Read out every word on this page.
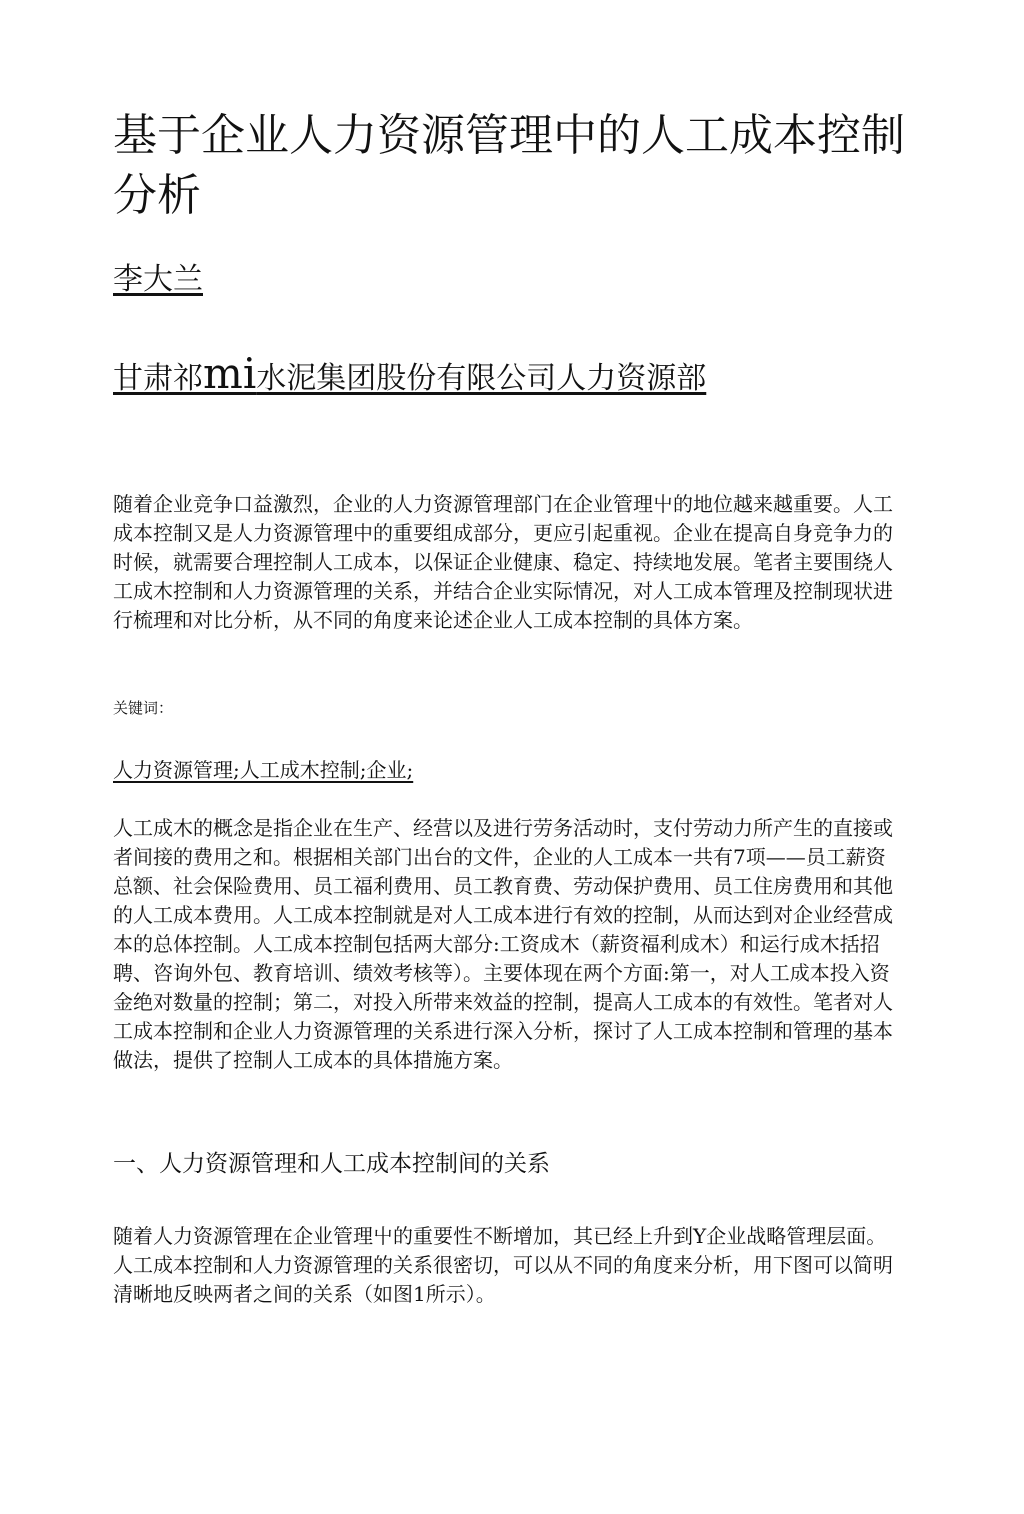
基于企业人力资源管理中的人工成本控制分析

李大兰

甘肃祁mi水泥集团股份有限公司人力资源部

随着企业竞争口益激烈，企业的人力资源管理部门在企业管理屮的地位越来越重要。人工成本控制又是人力资源管理中的重要组成部分，更应引起重视。企业在提高自身竞争力的时候，就需要合理控制人工成本，以保证企业健康、稳定、持续地发展。笔者主要围绕人工成木控制和人力资源管理的关系，并结合企业实际情况，对人工成本管理及控制现状进行梳理和对比分析，从不同的角度来论述企业人工成本控制的具体方案。

关键词：

人力资源管理;人工成木控制;企业;

人工成木的概念是指企业在生产、经营以及进行劳务活动时，支付劳动力所产生的直接或者间接的费用之和。根据相关部门出台的文件，企业的人工成本一共有7项——员工薪资总额、社会保险费用、员工福利费用、员工教育费、劳动保护费用、员工住房费用和其他的人工成本费用。人工成本控制就是对人工成本进行有效的控制，从而达到对企业经营成本的总体控制。人工成本控制包括两大部分:工资成木（薪资福利成木）和运行成木括招聘、咨询外包、教育培训、绩效考核等）。主要体现在两个方面:第一，对人工成本投入资金绝对数量的控制；第二，对投入所带来效益的控制，提高人工成本的有效性。笔者对人工成本控制和企业人力资源管理的关系进行深入分析，探讨了人工成本控制和管理的基本做法，提供了控制人工成本的具体措施方案。

一、人力资源管理和人工成本控制间的关系

随着人力资源管理在企业管理屮的重要性不断增加，其已经上升到Y企业战略管理层面。人工成本控制和人力资源管理的关系很密切，可以从不同的角度来分析，用下图可以简明清晰地反映两者之间的关系（如图1所示）。
